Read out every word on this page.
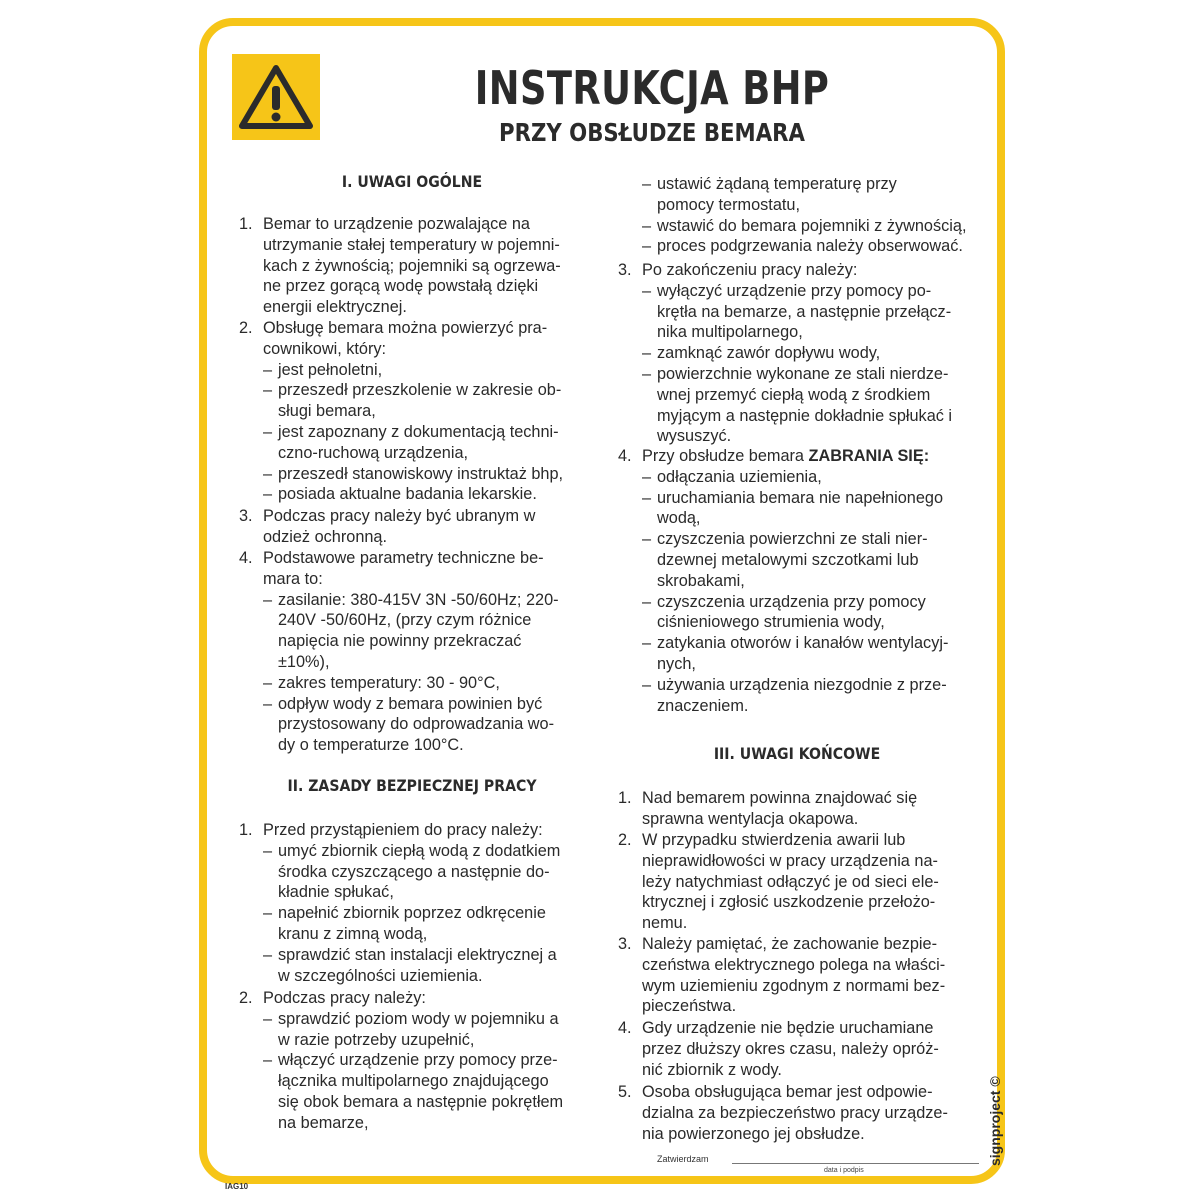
INSTRUKCJA BHP
PRZY OBSŁUDZE BEMARA
I. UWAGI OGÓLNE
1. Bemar to urządzenie pozwalające na
utrzymanie stałej temperatury w pojemni-
kach z żywnością; pojemniki są ogrzewa-
ne przez gorącą wodę powstałą dzięki
energii elektrycznej.
2. Obsługę bemara można powierzyć pra-
cownikowi, który:
– jest pełnoletni,
– przeszedł przeszkolenie w zakresie ob-
sługi bemara,
– jest zapoznany z dokumentacją techni-
czno-ruchową urządzenia,
– przeszedł stanowiskowy instruktaż bhp,
– posiada aktualne badania lekarskie.
3. Podczas pracy należy być ubranym w
odzież ochronną.
4. Podstawowe parametry techniczne be-
mara to:
– zasilanie: 380-415V 3N -50/60Hz; 220-
240V -50/60Hz, (przy czym różnice
napięcia nie powinny przekraczać
±10%),
– zakres temperatury: 30 - 90°C,
– odpływ wody z bemara powinien być
przystosowany do odprowadzania wo-
dy o temperaturze 100°C.
II. ZASADY BEZPIECZNEJ PRACY
1. Przed przystąpieniem do pracy należy:
– umyć zbiornik ciepłą wodą z dodatkiem
środka czyszczącego a następnie do-
kładnie spłukać,
– napełnić zbiornik poprzez odkręcenie
kranu z zimną wodą,
– sprawdzić stan instalacji elektrycznej a
w szczególności uziemienia.
2. Podczas pracy należy:
– sprawdzić poziom wody w pojemniku a
w razie potrzeby uzupełnić,
– włączyć urządzenie przy pomocy prze-
łącznika multipolarnego znajdującego
się obok bemara a następnie pokrętłem
na bemarze,
– ustawić żądaną temperaturę przy
pomocy termostatu,
– wstawić do bemara pojemniki z żywnością,
– proces podgrzewania należy obserwować.
3. Po zakończeniu pracy należy:
– wyłączyć urządzenie przy pomocy po-
krętła na bemarze, a następnie przełącz-
nika multipolarnego,
– zamknąć zawór dopływu wody,
– powierzchnie wykonane ze stali nierdze-
wnej przemyć ciepłą wodą z środkiem
myjącym a następnie dokładnie spłukać i
wysuszyć.
4. Przy obsłudze bemara ZABRANIA SIĘ:
– odłączania uziemienia,
– uruchamiania bemara nie napełnionego
wodą,
– czyszczenia powierzchni ze stali nier-
dzewnej metalowymi szczotkami lub
skrobakami,
– czyszczenia urządzenia przy pomocy
ciśnieniowego strumienia wody,
– zatykania otworów i kanałów wentylacyj-
nych,
– używania urządzenia niezgodnie z prze-
znaczeniem.
III. UWAGI KOŃCOWE
1. Nad bemarem powinna znajdować się
sprawna wentylacja okapowa.
2. W przypadku stwierdzenia awarii lub
nieprawidłowości w pracy urządzenia na-
leży natychmiast odłączyć je od sieci ele-
ktrycznej i zgłosić uszkodzenie przełożo-
nemu.
3. Należy pamiętać, że zachowanie bezpie-
czeństwa elektrycznego polega na właści-
wym uziemieniu zgodnym z normami bez-
pieczeństwa.
4. Gdy urządzenie nie będzie uruchamiane
przez dłuższy okres czasu, należy opróż-
nić zbiornik z wody.
5. Osoba obsługująca bemar jest odpowie-
dzialna za bezpieczeństwo pracy urządze-
nia powierzonego jej obsłudze.
Zatwierdzam
data i podpis
signproject ©
IAG10
